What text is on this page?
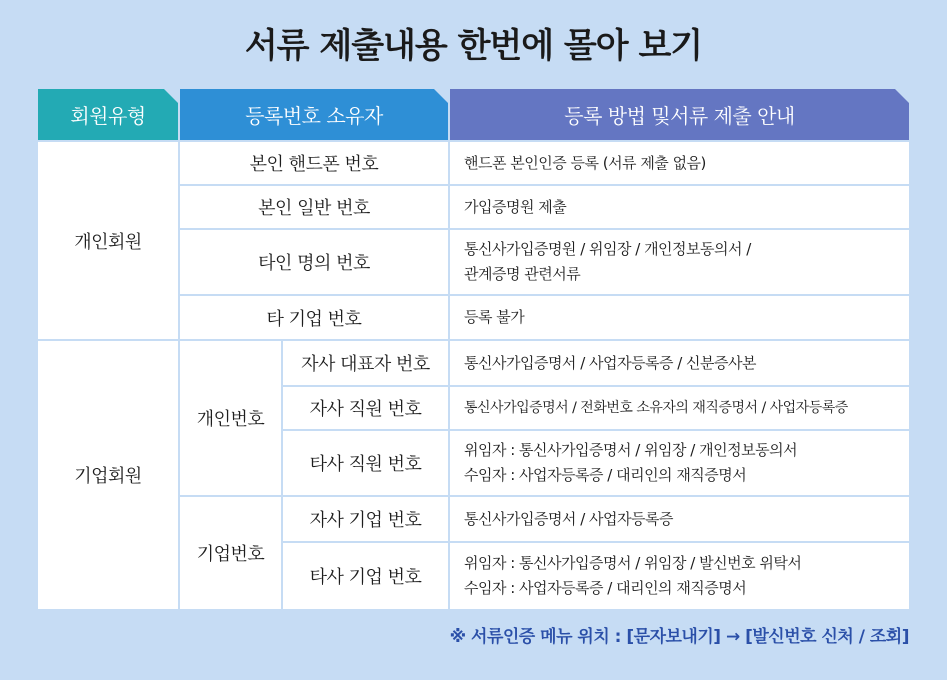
서류 제출내용 한번에 몰아 보기
회원유형	등록번호 소유자	등록 방법 및서류 제출 안내
개인회원
기업회원
개인번호
기업번호
본인 핸드폰 번호
본인 일반 번호
타인 명의 번호
타 기업 번호
자사 대표자 번호
자사 직원 번호
타사 직원 번호
자사 기업 번호
타사 기업 번호
핸드폰 본인인증 등록 (서류 제출 없음)
가입증명원 제출
통신사가입증명원 / 위임장 / 개인정보동의서 /
관계증명 관련서류
등록 불가
통신사가입증명서 / 사업자등록증 / 신분증사본
통신사가입증명서 / 전화번호 소유자의 재직증명서 / 사업자등록증
위임자 : 통신사가입증명서 / 위임장 / 개인정보동의서
수임자 : 사업자등록증 / 대리인의 재직증명서
통신사가입증명서 / 사업자등록증
위임자 : 통신사가입증명서 / 위임장 / 발신번호 위탁서
수임자 : 사업자등록증 / 대리인의 재직증명서
※ 서류인증 메뉴 위치 : [문자보내기] → [발신번호 신처 / 조회]
